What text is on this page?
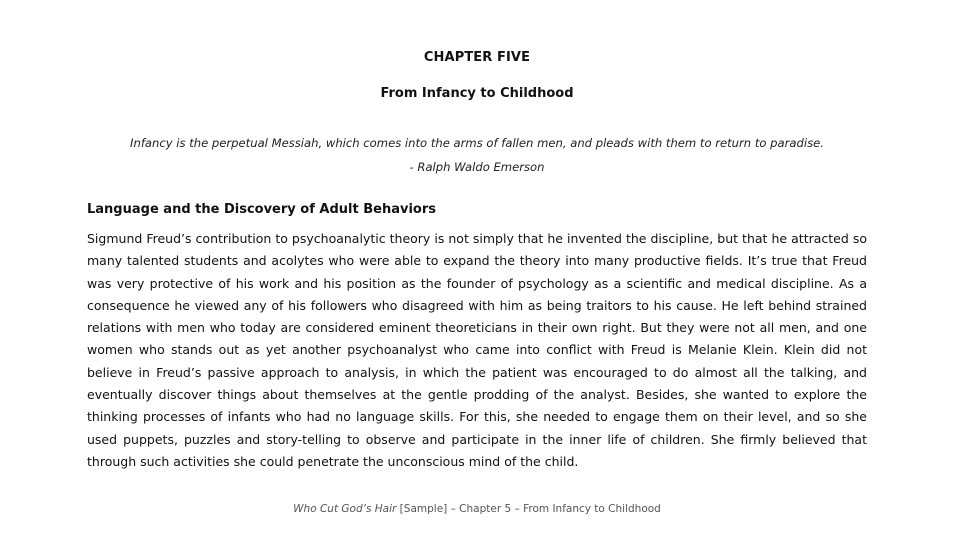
CHAPTER FIVE
From Infancy to Childhood
Infancy is the perpetual Messiah, which comes into the arms of fallen men, and pleads with them to return to paradise.
- Ralph Waldo Emerson
Language and the Discovery of Adult Behaviors
Sigmund Freud’s contribution to psychoanalytic theory is not simply that he invented the discipline, but that he attracted so many talented students and acolytes who were able to expand the theory into many productive fields. It’s true that Freud was very protective of his work and his position as the founder of psychology as a scientific and medical discipline. As a consequence he viewed any of his followers who disagreed with him as being traitors to his cause. He left behind strained relations with men who today are considered eminent theoreticians in their own right. But they were not all men, and one women who stands out as yet another psychoanalyst who came into conflict with Freud is Melanie Klein. Klein did not believe in Freud’s passive approach to analysis, in which the patient was encouraged to do almost all the talking, and eventually discover things about themselves at the gentle prodding of the analyst. Besides, she wanted to explore the thinking processes of infants who had no language skills. For this, she needed to engage them on their level, and so she used puppets, puzzles and story-telling to observe and participate in the inner life of children. She firmly believed that through such activities she could penetrate the unconscious mind of the child.
Who Cut God’s Hair [Sample] – Chapter 5 – From Infancy to Childhood
